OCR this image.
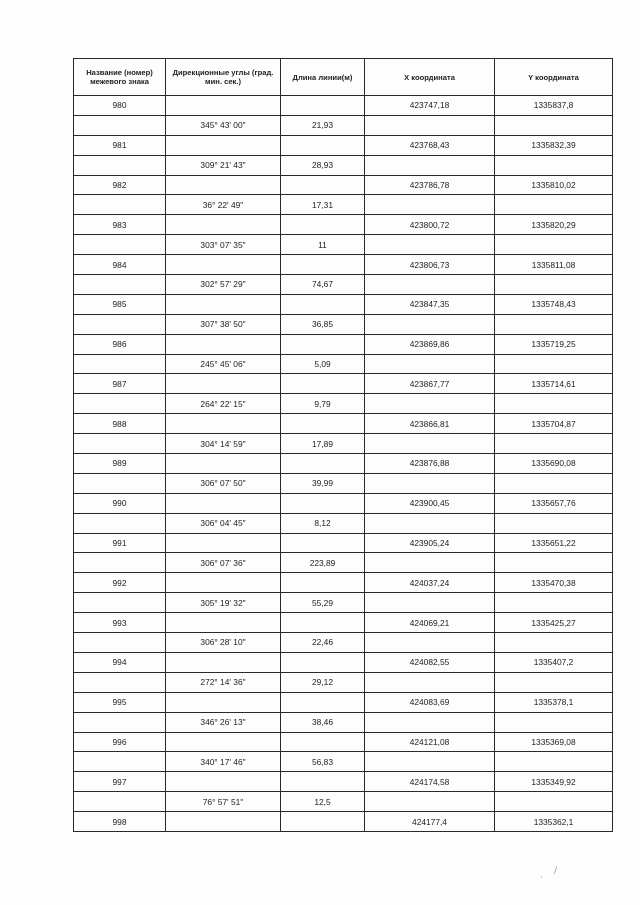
Название (номер) межевого знака	Дирекционные углы (град. мин. сек.)	Длина линии(м)	X координата	Y координата
980			423747,18	1335837,8
	345° 43' 00"	21,93		
981			423768,43	1335832,39
	309° 21' 43"	28,93		
982			423786,78	1335810,02
	36° 22' 49"	17,31		
983			423800,72	1335820,29
	303° 07' 35"	11		
984			423806,73	1335811,08
	302° 57' 29"	74,67		
985			423847,35	1335748,43
	307° 38' 50"	36,85		
986			423869,86	1335719,25
	245° 45' 06"	5,09		
987			423867,77	1335714,61
	264° 22' 15"	9,79		
988			423866,81	1335704,87
	304° 14' 59"	17,89		
989			423876,88	1335690,08
	306° 07' 50"	39,99		
990			423900,45	1335657,76
	306° 04' 45"	8,12		
991			423905,24	1335651,22
	306° 07' 36"	223,89		
992			424037,24	1335470,38
	305° 19' 32"	55,29		
993			424069,21	1335425,27
	306° 28' 10"	22,46		
994			424082,55	1335407,2
	272° 14' 36"	29,12		
995			424083,69	1335378,1
	346° 26' 13"	38,46		
996			424121,08	1335369,08
	340° 17' 46"	56,83		
997			424174,58	1335349,92
	76° 57' 51"	12,5		
998			424177,4	1335362,1
·
/
